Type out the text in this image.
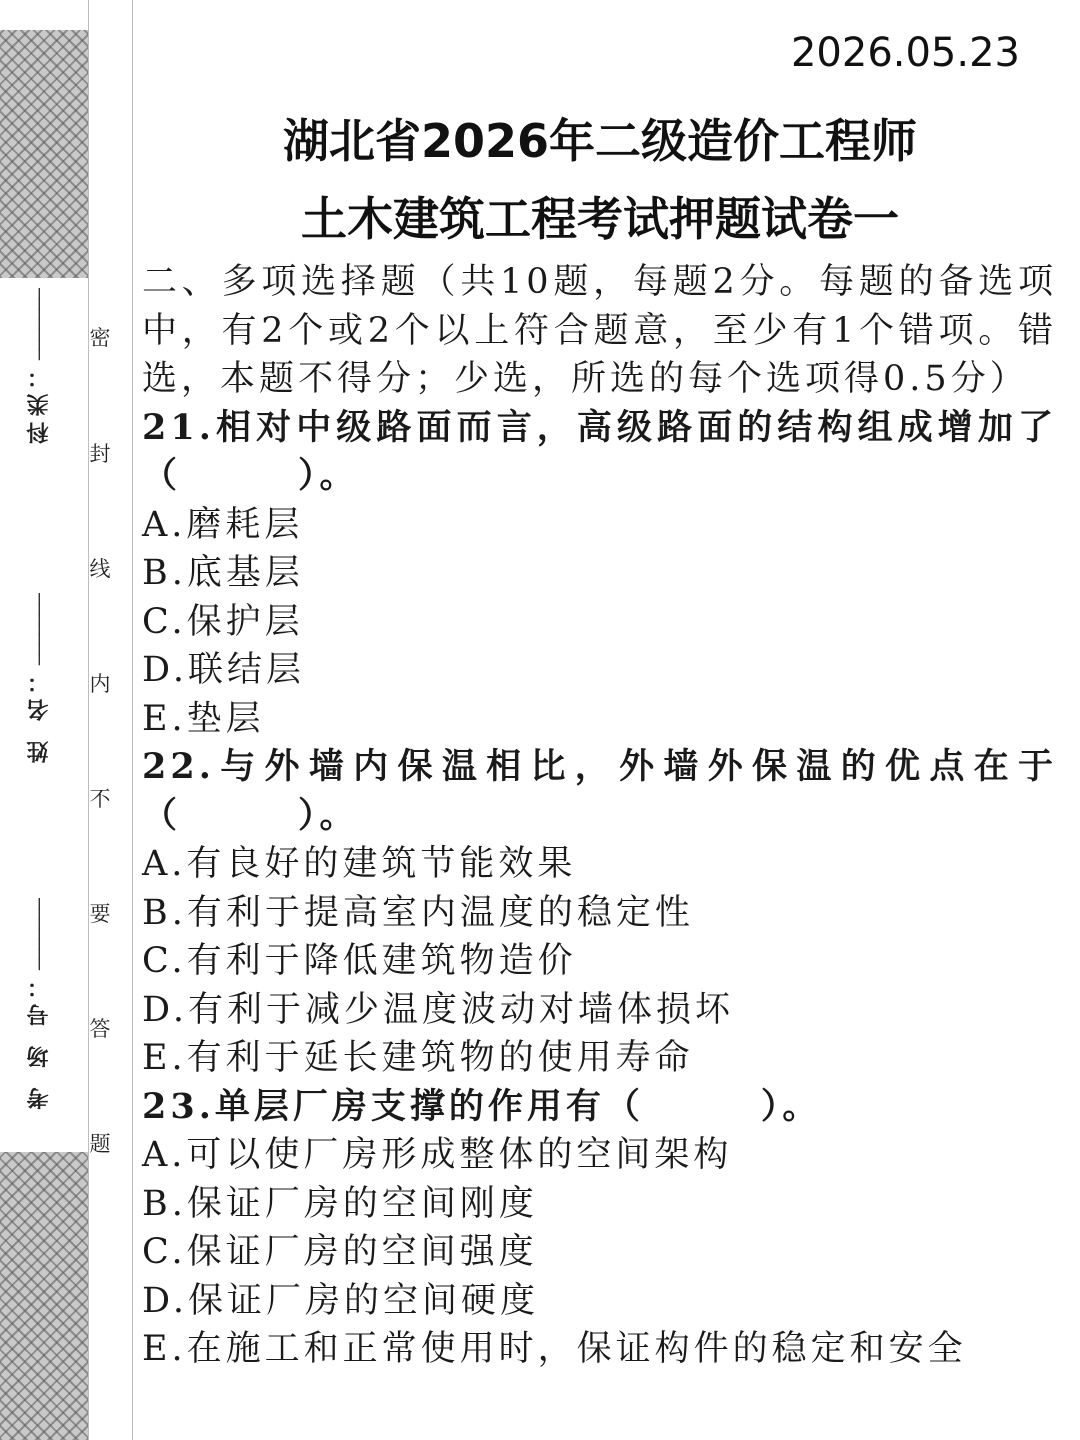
———————
科类：
———————
姓 名：
———————
考 场 号：
密
封
线
内
不
要
答
题
2026.05.23
湖北省2026年二级造价工程师
土木建筑工程考试押题试卷一

二、多项选择题（共10题，每题2分。每题的备选项中，有2个或2个以上符合题意，至少有1个错项。错选，本题不得分；少选，所选的每个选项得0.5分）

21.相对中级路面而言，高级路面的结构组成增加了（　　　）。

A.磨耗层

B.底基层

C.保护层

D.联结层

E.垫层

22.与外墙内保温相比，外墙外保温的优点在于（　　　）。

A.有良好的建筑节能效果

B.有利于提高室内温度的稳定性

C.有利于降低建筑物造价

D.有利于减少温度波动对墙体损坏

E.有利于延长建筑物的使用寿命

23.单层厂房支撑的作用有（　　　）。

A.可以使厂房形成整体的空间架构

B.保证厂房的空间刚度

C.保证厂房的空间强度

D.保证厂房的空间硬度

E.在施工和正常使用时，保证构件的稳定和安全
